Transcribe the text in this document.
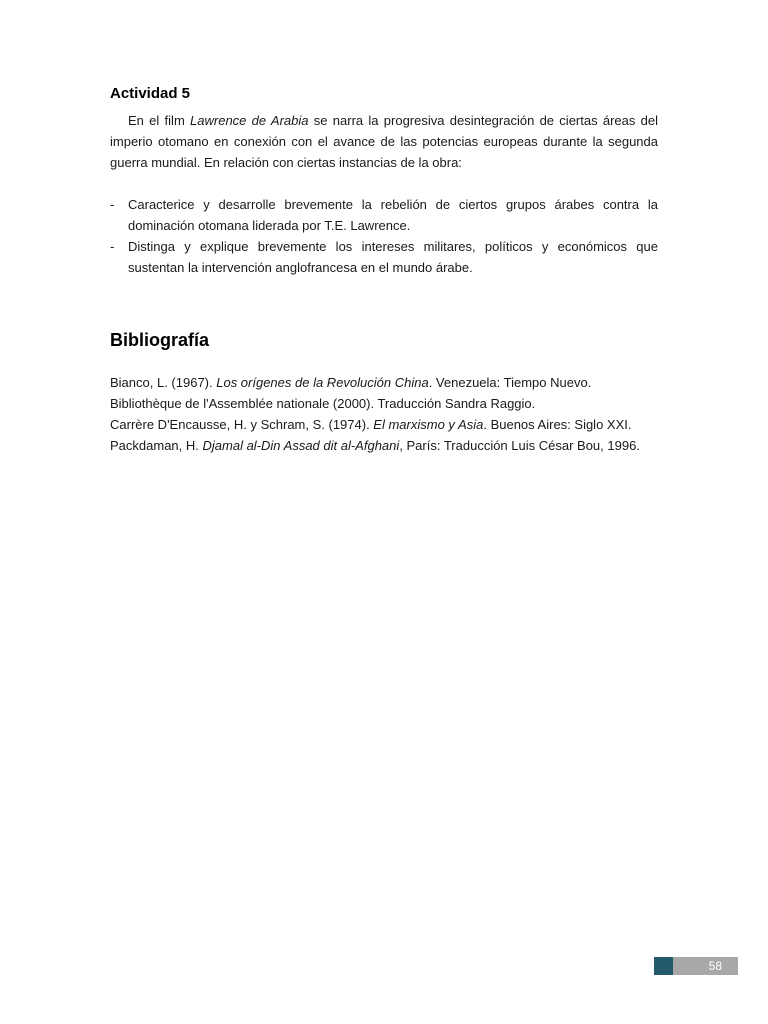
Actividad 5

En el film Lawrence de Arabia se narra la progresiva desintegración de ciertas áreas del imperio otomano en conexión con el avance de las potencias europeas durante la segunda guerra mundial. En relación con ciertas instancias de la obra:

- Caracterice y desarrolle brevemente la rebelión de ciertos grupos árabes contra la dominación otomana liderada por T.E. Lawrence.
- Distinga y explique brevemente los intereses militares, políticos y económicos que sustentan la intervención anglofrancesa en el mundo árabe.
Bibliografía
Bianco, L. (1967). Los orígenes de la Revolución China. Venezuela: Tiempo Nuevo.
Bibliothèque de l'Assemblée nationale (2000). Traducción Sandra Raggio.
Carrère D'Encausse, H. y Schram, S. (1974). El marxismo y Asia. Buenos Aires: Siglo XXI.
Packdaman, H. Djamal al-Din Assad dit al-Afghani, París: Traducción Luis César Bou, 1996.
58
